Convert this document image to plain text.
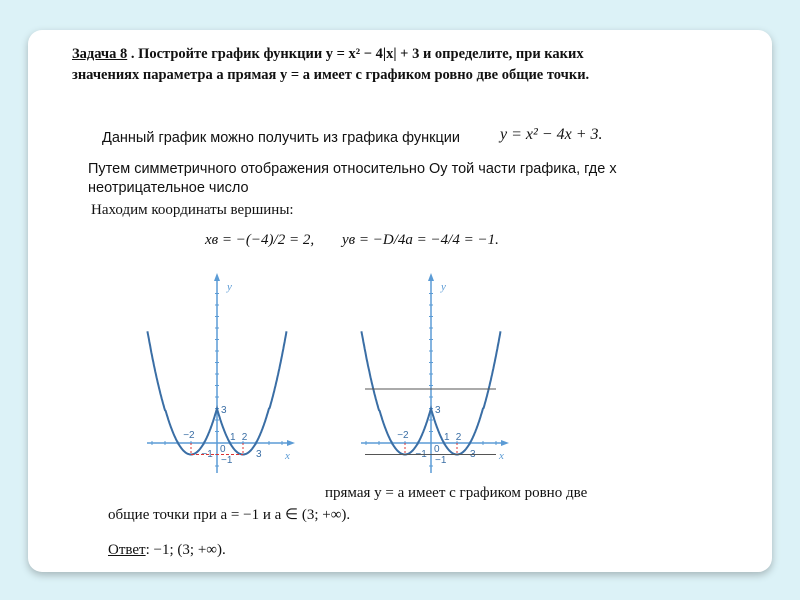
Задача 8 . Постройте график функции y = x² − 4|x| + 3 и определите, при каких значениях параметра a прямая y = a имеет с графиком ровно две общие точки.
Данный график можно получить из графика функции	y = x² − 4x + 3.
Путем симметричного отображения относительно Оу той части графика, где х неотрицательное число
Находим координаты вершины:
xв = −(−4)/2 = 2, yв = −D/4a = −4/4 = −1.
−2
−1 0
1 2
3
3
−1	x
y
−2
−1 0
1 2
3
3
−1	x
y
прямая y = a имеет с графиком ровно две
общие точки при a = −1 и a ∈ (3; +∞).
Ответ: −1; (3; +∞).
